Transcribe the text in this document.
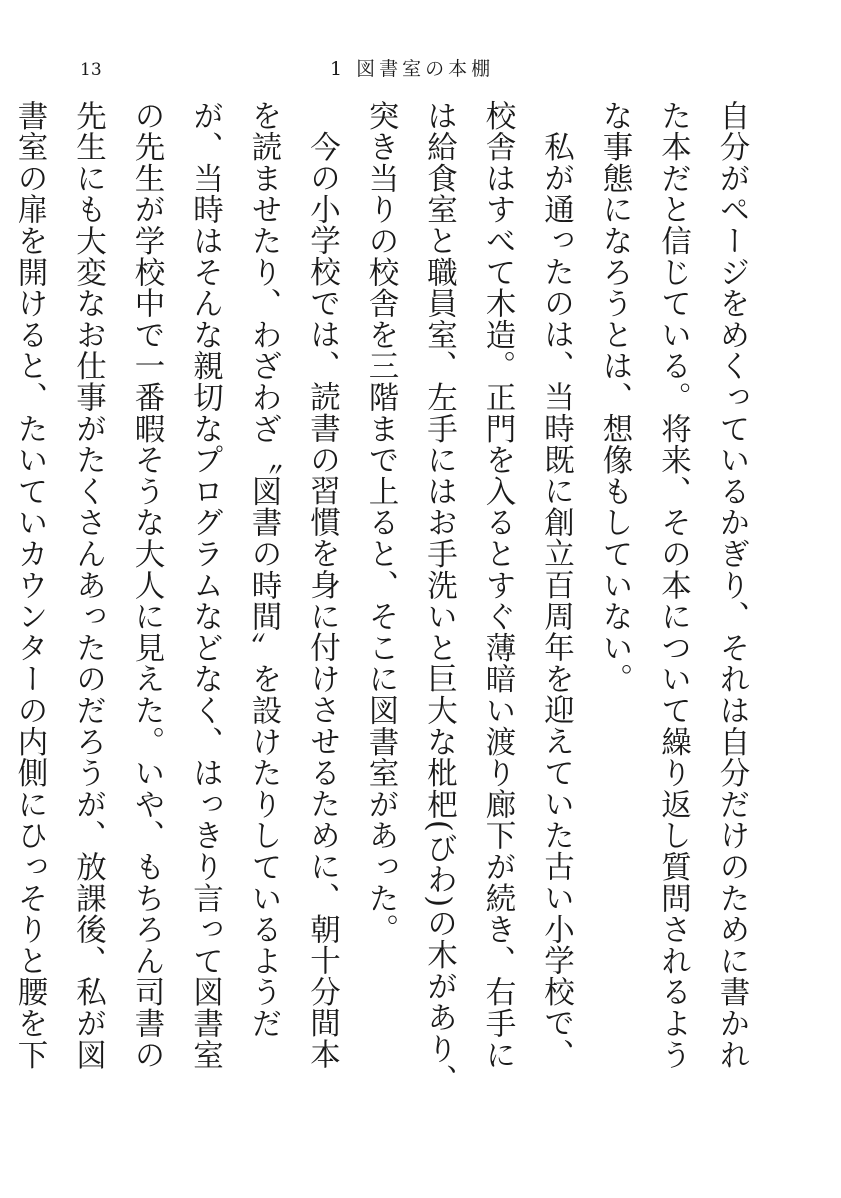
13	1 図書室の本棚

自分がページをめくっているかぎり、それは自分だけのために書かれた本だと信じている。将来、その本について繰り返し質問されるような事態になろうとは、想像もしていない。

私が通ったのは、当時既に創立百周年を迎えていた古い小学校で、校舎はすべて木造。正門を入るとすぐ薄暗い渡り廊下が続き、右手には給食室と職員室、左手にはお手洗いと巨大な枇杷(びわ)の木があり、突き当りの校舎を三階まで上ると、そこに図書室があった。

今の小学校では、読書の習慣を身に付けさせるために、朝十分間本を読ませたり、わざわざ〝図書の時間〟を設けたりしているようだが、当時はそんな親切なプログラムなどなく、はっきり言って図書室の先生が学校中で一番暇そうな大人に見えた。いや、もちろん司書の先生にも大変なお仕事がたくさんあったのだろうが、放課後、私が図書室の扉を開けると、たいていカウンターの内側にひっそりと腰を下
